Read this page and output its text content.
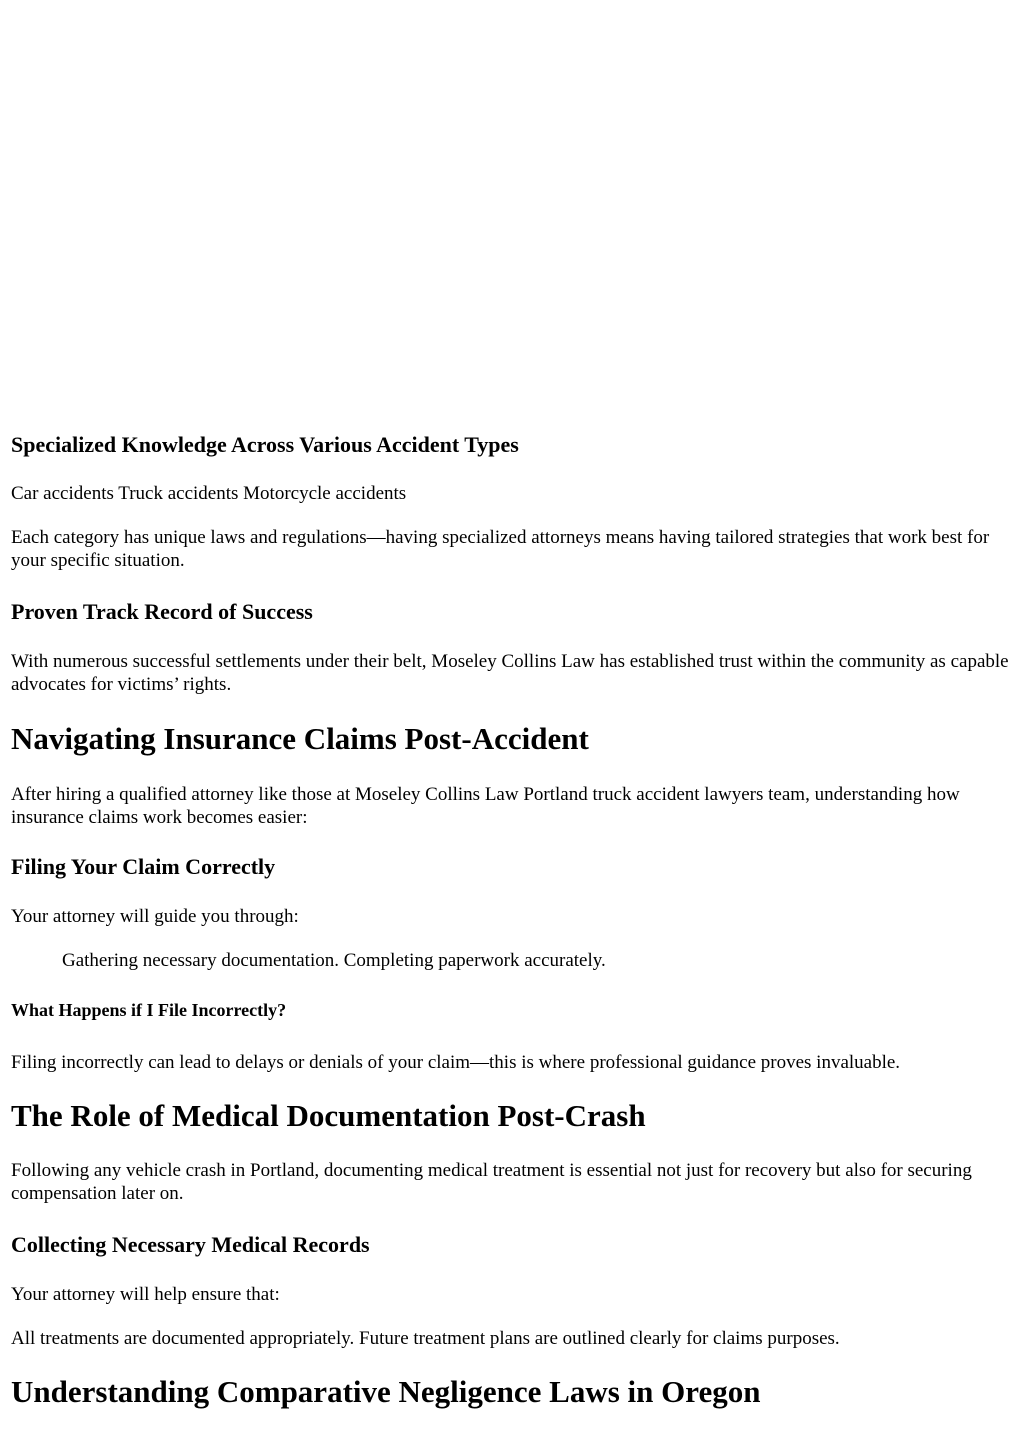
Specialized Knowledge Across Various Accident Types

Car accidents Truck accidents Motorcycle accidents

Each category has unique laws and regulations—having specialized attorneys means having tailored strategies that work best for your specific situation.

Proven Track Record of Success

With numerous successful settlements under their belt, Moseley Collins Law has established trust within the community as capable advocates for victims’ rights.

Navigating Insurance Claims Post-Accident

After hiring a qualified attorney like those at Moseley Collins Law Portland truck accident lawyers team, understanding how insurance claims work becomes easier:

Filing Your Claim Correctly

Your attorney will guide you through:

Gathering necessary documentation. Completing paperwork accurately.

What Happens if I File Incorrectly?

Filing incorrectly can lead to delays or denials of your claim—this is where professional guidance proves invaluable.

The Role of Medical Documentation Post-Crash

Following any vehicle crash in Portland, documenting medical treatment is essential not just for recovery but also for securing compensation later on.

Collecting Necessary Medical Records

Your attorney will help ensure that:

All treatments are documented appropriately. Future treatment plans are outlined clearly for claims purposes.

Understanding Comparative Negligence Laws in Oregon
